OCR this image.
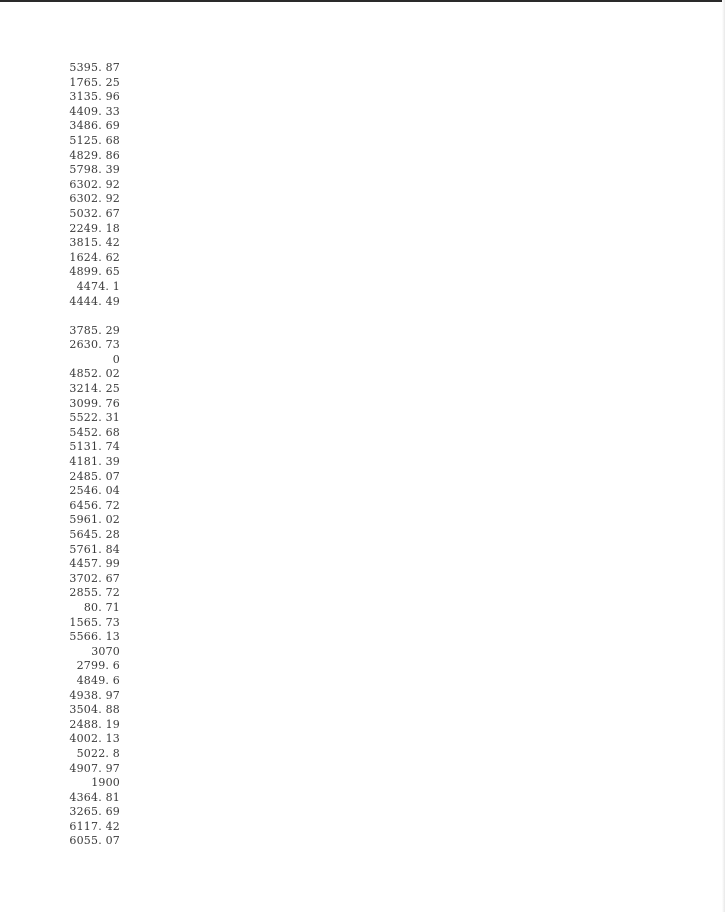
5395. 87
1765. 25
3135. 96
4409. 33
3486. 69
5125. 68
4829. 86
5798. 39
6302. 92
6302. 92
5032. 67
2249. 18
3815. 42
1624. 62
4899. 65
4474. 1
4444. 49
3785. 29
2630. 73
0
4852. 02
3214. 25
3099. 76
5522. 31
5452. 68
5131. 74
4181. 39
2485. 07
2546. 04
6456. 72
5961. 02
5645. 28
5761. 84
4457. 99
3702. 67
2855. 72
80. 71
1565. 73
5566. 13
3070
2799. 6
4849. 6
4938. 97
3504. 88
2488. 19
4002. 13
5022. 8
4907. 97
1900
4364. 81
3265. 69
6117. 42
6055. 07
